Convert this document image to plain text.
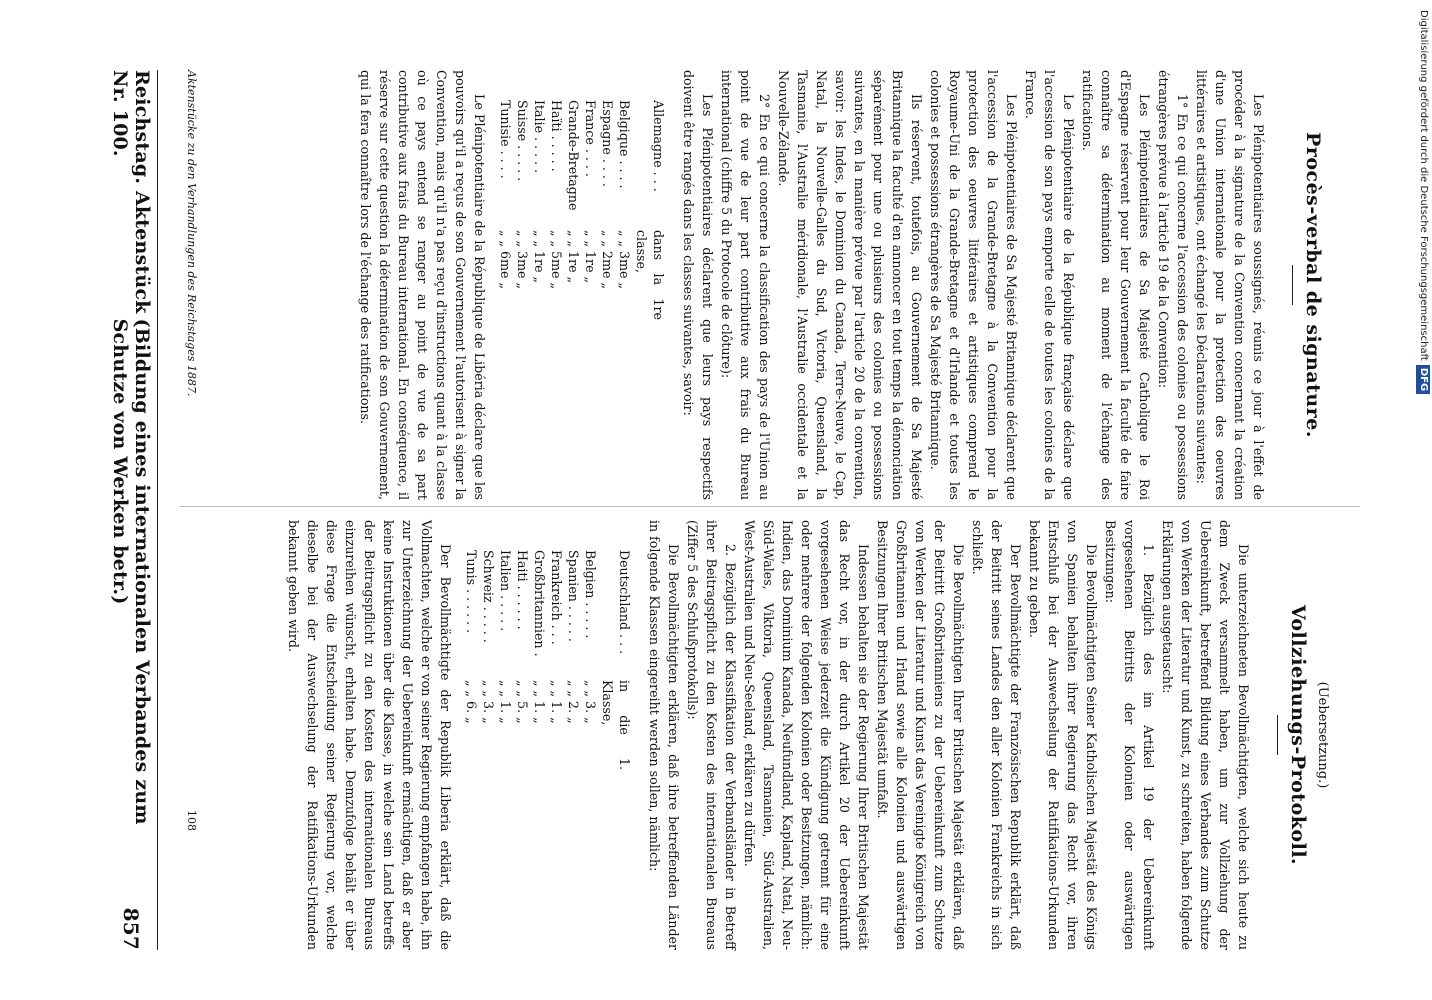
Reichstag. Aktenstück Nr. 100.
(Bildung eines internationalen Verbandes zum Schutze von Werken betr.)
857
Procès-verbal de signature.

Les Plénipotentiaires soussignés, réunis ce jour à l'effet de procéder à la signature de la Convention concernant la création d'une Union internationale pour la protection des oeuvres littéraires et artistiques, ont échangé les Déclarations suivantes:

1° En ce qui concerne l'accession des colonies ou possessions étrangères prévue à l'article 19 de la Convention:

Les Plénipotentiaires de Sa Majesté Catholique le Roi d'Espagne réservent pour leur Gouvernement la faculté de faire connaître sa détermination au moment de l'échange des ratifications.

Le Plénipotentiaire de la République française déclare que l'accession de son pays emporte celle de toutes les colonies de la France.

Les Plénipotentiaires de Sa Majesté Britannique déclarent que l'accession de la Grande-Bretagne à la Convention pour la protection des oeuvres littéraires et artistiques comprend le Royaume-Uni de la Grande-Bretagne et d'Irlande et toutes les colonies et possessions étrangères de Sa Majesté Britannique.

Ils réservent, toutefois, au Gouvernement de Sa Majesté Britannique la faculté d'en annoncer en tout temps la dénonciation séparément pour une ou plusieurs des colonies ou possessions suivantes, en la manière prévue par l'article 20 de la convention, savoir: les Indes, le Dominion du Canada, Terre-Neuve, le Cap, Natal, la Nouvelle-Galles du Sud, Victoria, Queensland, la Tasmanie, l'Australie méridionale, l'Australie occidentale et la Nouvelle-Zélande.

2° En ce qui concerne la classification des pays de l'Union au point de vue de leur part contributive aux frais du Bureau international (chiffre 5 du Protocole de clôture):

Les Plénipotentiaires déclarent que leurs pays respectifs doivent être rangés dans les classes suivantes, savoir:

Allemagne . . .
dans la 1re classe,
Belgique . . . .
„ „ 3me „
Espagne . . . .
„ „ 2me „
France . . . .
„ „ 1re „
Grande-Bretagne
„ „ 1re „
Haïti . . . . .
„ „ 5me „
Italie . . . . .
„ „ 1re „
Suisse . . . . .
„ „ 3me „
Tunisie . . . .
„ „ 6me „

Le Plénipotentiaire de la République de Libéria déclare que les pouvoirs qu'il a reçus de son Gouvernement l'autorisent à signer la Convention, mais qu'il n'a pas reçu d'instructions quant à la classe où ce pays entend se ranger au point de vue de sa part contributive aux frais du Bureau international. En conséquence, il réserve sur cette question la détermination de son Gouvernement, qui la fera connaître lors de l'échange des ratifications.

(Uebersetzung.)
Vollziehungs-Protokoll.

Die unterzeichneten Bevollmächtigten, welche sich heute zu dem Zweck versammelt haben, um zur Vollziehung der Uebereinkunft, betreffend Bildung eines Verbandes zum Schutze von Werken der Literatur und Kunst, zu schreiten, haben folgende Erklärungen ausgetauscht:

1. Bezüglich des im Artikel 19 der Uebereinkunft vorgesehenen Beitritts der Kolonien oder auswärtigen Besitzungen:

Die Bevollmächtigten Seiner Katholischen Majestät des Königs von Spanien behalten ihrer Regierung das Recht vor, ihren Entschluß bei der Auswechselung der Ratifikations-Urkunden bekannt zu geben.

Der Bevollmächtigte der Französischen Republik erklärt, daß der Beitritt seines Landes den aller Kolonien Frankreichs in sich schließt.

Die Bevollmächtigten Ihrer Britischen Majestät erklären, daß der Beitritt Großbritanniens zu der Uebereinkunft zum Schutze von Werken der Literatur und Kunst das Vereinigte Königreich von Großbritannien und Irland sowie alle Kolonien und auswärtigen Besitzungen Ihrer Britischen Majestät umfaßt.

Indessen behalten sie der Regierung Ihrer Britischen Majestät das Recht vor, in der durch Artikel 20 der Uebereinkunft vorgesehenen Weise jederzeit die Kündigung getrennt für eine oder mehrere der folgenden Kolonien oder Besitzungen, nämlich: Indien, das Dominium Kanada, Neufundland, Kapland, Natal, Neu-Süd-Wales, Viktoria, Queensland, Tasmanien, Süd-Australien, West-Australien und Neu-Seeland, erklären zu dürfen.

2. Bezüglich der Klassifikation der Verbandsländer in Betreff ihrer Beitragspflicht zu den Kosten des internationalen Bureaus (Ziffer 5 des Schlußprotokolls):

Die Bevollmächtigten erklären, daß ihre betreffenden Länder in folgende Klassen eingereiht werden sollen, nämlich:

Deutschland . . .
in die 1. Klasse,
Belgien . . . . .
„ „ 3. „
Spanien . . . . .
„ „ 2. „
Frankreich . . .
„ „ 1. „
Großbritannien .
„ „ 1. „
Haiti . . . . . .
„ „ 5. „
Italien . . . . .
„ „ 1. „
Schweiz . . . . .
„ „ 3. „
Tunis . . . . . .
„ „ 6. „

Der Bevollmächtigte der Republik Liberia erklärt, daß die Vollmachten, welche er von seiner Regierung empfangen habe, ihn zur Unterzeichnung der Uebereinkunft ermächtigen, daß er aber keine Instruktionen über die Klasse, in welche sein Land betreffs der Beitragspflicht zu den Kosten des internationalen Bureaus einzureihen wünscht, erhalten habe. Demzufolge behält er über diese Frage die Entscheidung seiner Regierung vor, welche dieselbe bei der Auswechselung der Ratifikations-Urkunden bekannt geben wird.

Aktenstücke zu den Verhandlungen des Reichstages 1887.
108
Digitalisierung gefördert durch die Deutsche ForschungsgemeinschaftDFG
